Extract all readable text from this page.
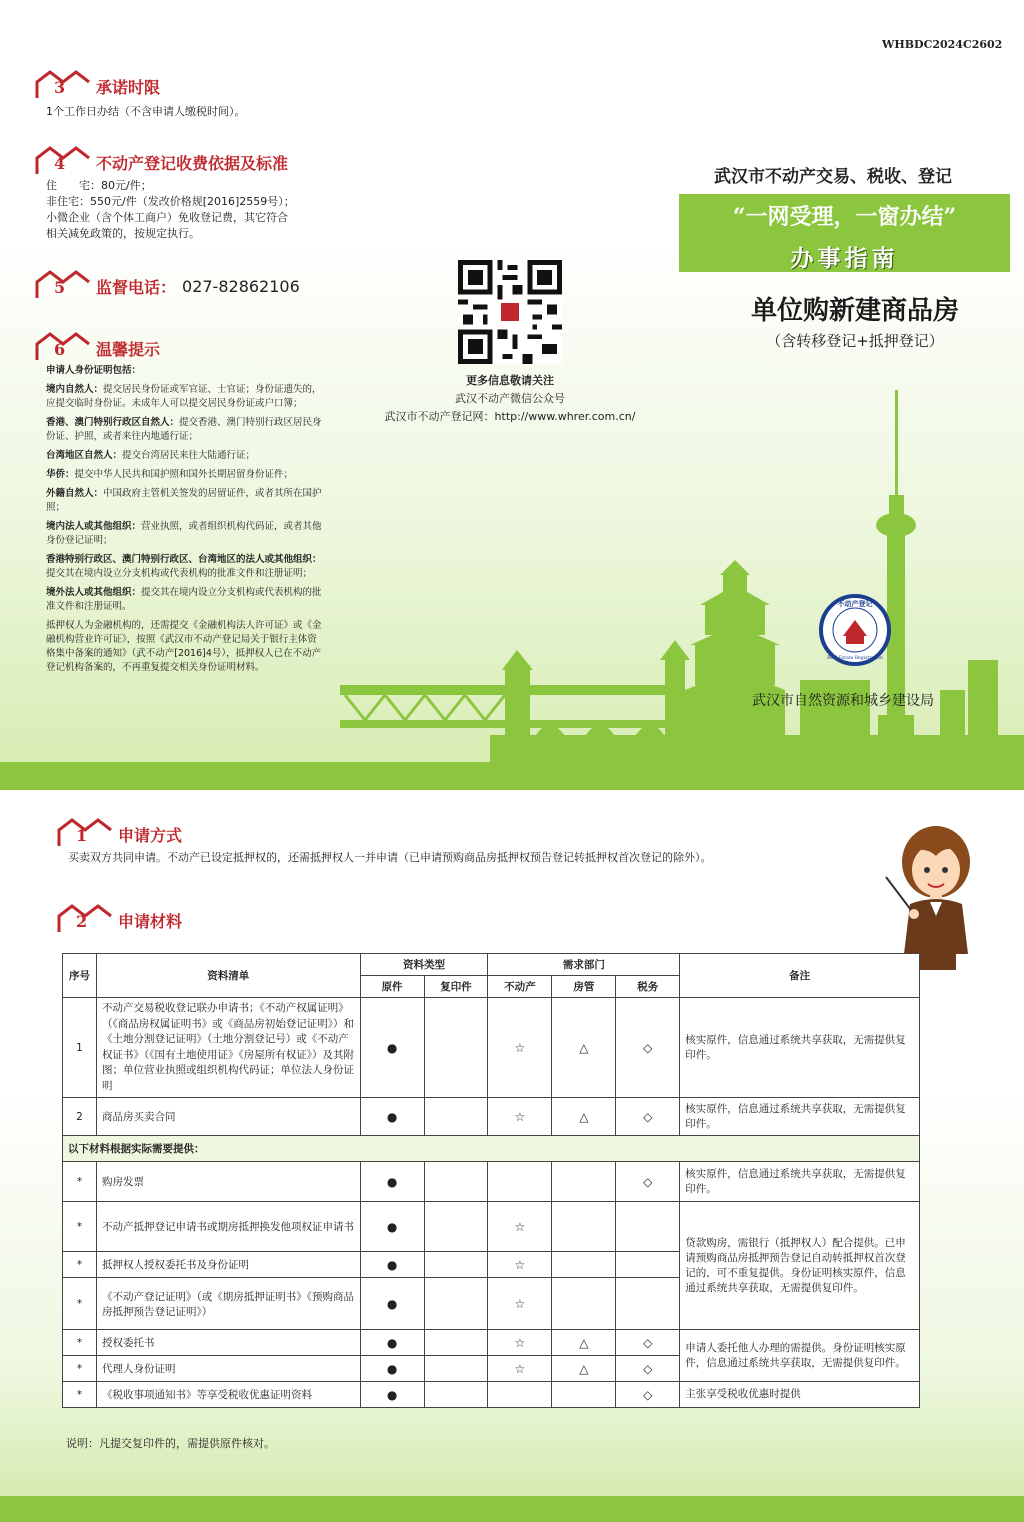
不动产登记
Real Estate Registration
WHBDC2024C2602
3 承诺时限
1个工作日办结（不含申请人缴税时间）。
4 不动产登记收费依据及标准
住　　宅：80元/件；
非住宅：550元/件（发改价格规[2016]2559号）；
小微企业（含个体工商户）免收登记费，其它符合
相关减免政策的，按规定执行。
5 监督电话： 027-82862106
6 温馨提示
申请人身份证明包括：
境内自然人：提交居民身份证或军官证、士官证；身份证遗失的，应提交临时身份证。未成年人可以提交居民身份证或户口簿；
香港、澳门特别行政区自然人：提交香港、澳门特别行政区居民身份证、护照，或者来往内地通行证；
台湾地区自然人：提交台湾居民来往大陆通行证；
华侨：提交中华人民共和国护照和国外长期居留身份证件；
外籍自然人：中国政府主管机关签发的居留证件，或者其所在国护照；
境内法人或其他组织：营业执照，或者组织机构代码证，或者其他身份登记证明；
香港特别行政区、澳门特别行政区、台湾地区的法人或其他组织：提交其在境内设立分支机构或代表机构的批准文件和注册证明；
境外法人或其他组织：提交其在境内设立分支机构或代表机构的批准文件和注册证明。
抵押权人为金融机构的，还需提交《金融机构法人许可证》或《金融机构营业许可证》，按照《武汉市不动产登记局关于银行主体资格集中备案的通知》（武不动产[2016]4号），抵押权人已在不动产登记机构备案的，不再重复提交相关身份证明材料。
更多信息敬请关注
武汉不动产微信公众号
武汉市不动产登记网：http://www.whrer.com.cn/
武汉市不动产交易、税收、登记
“一网受理，一窗办结”
办事指南
单位购新建商品房
（含转移登记+抵押登记）
武汉市自然资源和城乡建设局
1 申请方式
买卖双方共同申请。不动产已设定抵押权的，还需抵押权人一并申请（已申请预购商品房抵押权预告登记转抵押权首次登记的除外）。
2 申请材料
序号	资料清单	资料类型		需求部门			备注
		原件	复印件	不动产	房管	税务	
1	不动产交易税收登记联办申请书；《不动产权属证明》（《商品房权属证明书》或《商品房初始登记证明》）和《土地分割登记证明》（土地分割登记号）或《不动产权证书》（《国有土地使用证》《房屋所有权证》）及其附图；单位营业执照或组织机构代码证；单位法人身份证明	●		☆	△	◇	核实原件，信息通过系统共享获取，无需提供复印件。
2	商品房买卖合同	●		☆	△	◇	核实原件，信息通过系统共享获取，无需提供复印件。
以下材料根据实际需要提供：							
*	购房发票	●				◇	核实原件，信息通过系统共享获取，无需提供复印件。
*	不动产抵押登记申请书或期房抵押换发他项权证申请书	●		☆			贷款购房，需银行（抵押权人）配合提供。已申请预购商品房抵押预告登记自动转抵押权首次登记的，可不重复提供。身份证明核实原件，信息通过系统共享获取，无需提供复印件。
*	抵押权人授权委托书及身份证明	●		☆			
*	《不动产登记证明》（或《期房抵押证明书》《预购商品房抵押预告登记证明》）	●		☆			
*	授权委托书	●		☆	△	◇	申请人委托他人办理的需提供。身份证明核实原件，信息通过系统共享获取，无需提供复印件。
*	代理人身份证明	●		☆	△	◇	
*	《税收事项通知书》等享受税收优惠证明资料	●				◇	主张享受税收优惠时提供
说明：凡提交复印件的，需提供原件核对。
